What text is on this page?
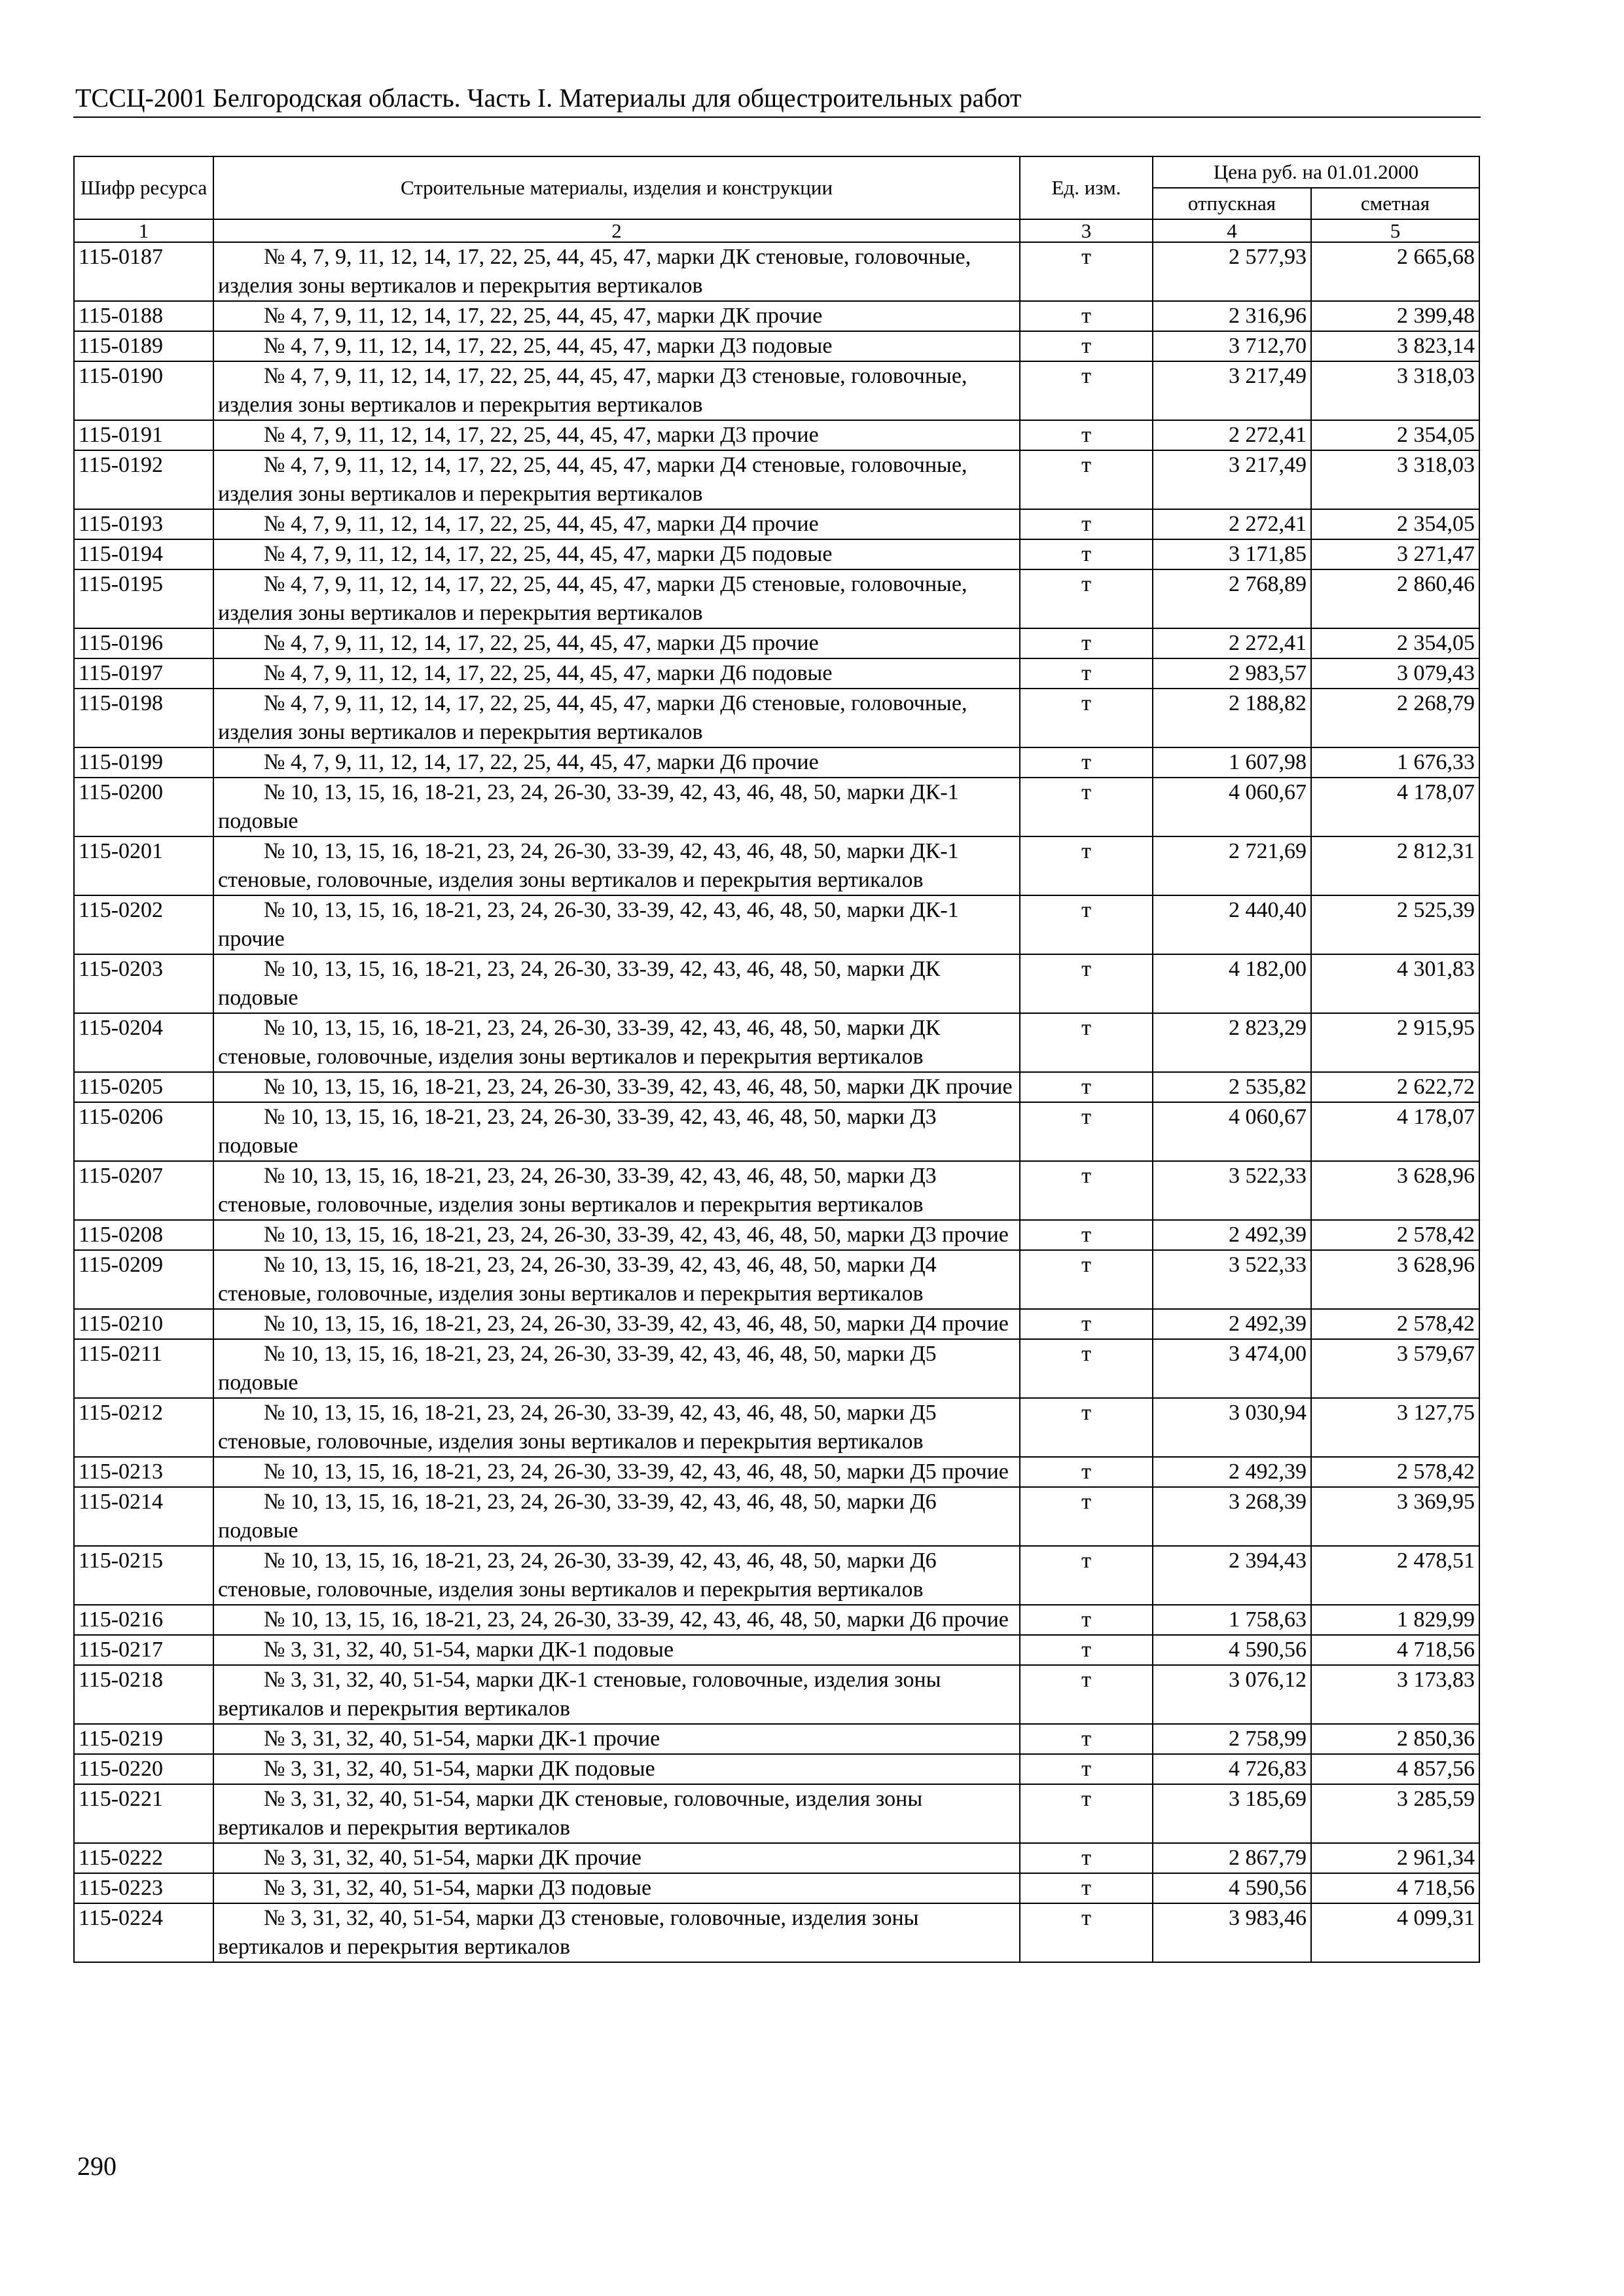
ТССЦ-2001 Белгородская область. Часть I. Материалы для общестроительных работ
Шифр ресурса	Строительные материалы, изделия и конструкции	Ед. изм.	Цена руб. на 01.01.2000	
			отпускная	сметная
1	2	3	4	5
115-0187	№ 4, 7, 9, 11, 12, 14, 17, 22, 25, 44, 45, 47, марки ДК стеновые, головочные, изделия зоны вертикалов и перекрытия вертикалов	т	2 577,93	2 665,68
115-0188	№ 4, 7, 9, 11, 12, 14, 17, 22, 25, 44, 45, 47, марки ДК прочие	т	2 316,96	2 399,48
115-0189	№ 4, 7, 9, 11, 12, 14, 17, 22, 25, 44, 45, 47, марки Д3 подовые	т	3 712,70	3 823,14
115-0190	№ 4, 7, 9, 11, 12, 14, 17, 22, 25, 44, 45, 47, марки Д3 стеновые, головочные, изделия зоны вертикалов и перекрытия вертикалов	т	3 217,49	3 318,03
115-0191	№ 4, 7, 9, 11, 12, 14, 17, 22, 25, 44, 45, 47, марки Д3 прочие	т	2 272,41	2 354,05
115-0192	№ 4, 7, 9, 11, 12, 14, 17, 22, 25, 44, 45, 47, марки Д4 стеновые, головочные, изделия зоны вертикалов и перекрытия вертикалов	т	3 217,49	3 318,03
115-0193	№ 4, 7, 9, 11, 12, 14, 17, 22, 25, 44, 45, 47, марки Д4 прочие	т	2 272,41	2 354,05
115-0194	№ 4, 7, 9, 11, 12, 14, 17, 22, 25, 44, 45, 47, марки Д5 подовые	т	3 171,85	3 271,47
115-0195	№ 4, 7, 9, 11, 12, 14, 17, 22, 25, 44, 45, 47, марки Д5 стеновые, головочные, изделия зоны вертикалов и перекрытия вертикалов	т	2 768,89	2 860,46
115-0196	№ 4, 7, 9, 11, 12, 14, 17, 22, 25, 44, 45, 47, марки Д5 прочие	т	2 272,41	2 354,05
115-0197	№ 4, 7, 9, 11, 12, 14, 17, 22, 25, 44, 45, 47, марки Д6 подовые	т	2 983,57	3 079,43
115-0198	№ 4, 7, 9, 11, 12, 14, 17, 22, 25, 44, 45, 47, марки Д6 стеновые, головочные, изделия зоны вертикалов и перекрытия вертикалов	т	2 188,82	2 268,79
115-0199	№ 4, 7, 9, 11, 12, 14, 17, 22, 25, 44, 45, 47, марки Д6 прочие	т	1 607,98	1 676,33
115-0200	№ 10, 13, 15, 16, 18-21, 23, 24, 26-30, 33-39, 42, 43, 46, 48, 50, марки ДК-1 подовые	т	4 060,67	4 178,07
115-0201	№ 10, 13, 15, 16, 18-21, 23, 24, 26-30, 33-39, 42, 43, 46, 48, 50, марки ДК-1 стеновые, головочные, изделия зоны вертикалов и перекрытия вертикалов	т	2 721,69	2 812,31
115-0202	№ 10, 13, 15, 16, 18-21, 23, 24, 26-30, 33-39, 42, 43, 46, 48, 50, марки ДК-1 прочие	т	2 440,40	2 525,39
115-0203	№ 10, 13, 15, 16, 18-21, 23, 24, 26-30, 33-39, 42, 43, 46, 48, 50, марки ДК подовые	т	4 182,00	4 301,83
115-0204	№ 10, 13, 15, 16, 18-21, 23, 24, 26-30, 33-39, 42, 43, 46, 48, 50, марки ДК стеновые, головочные, изделия зоны вертикалов и перекрытия вертикалов	т	2 823,29	2 915,95
115-0205	№ 10, 13, 15, 16, 18-21, 23, 24, 26-30, 33-39, 42, 43, 46, 48, 50, марки ДК прочие	т	2 535,82	2 622,72
115-0206	№ 10, 13, 15, 16, 18-21, 23, 24, 26-30, 33-39, 42, 43, 46, 48, 50, марки Д3 подовые	т	4 060,67	4 178,07
115-0207	№ 10, 13, 15, 16, 18-21, 23, 24, 26-30, 33-39, 42, 43, 46, 48, 50, марки Д3 стеновые, головочные, изделия зоны вертикалов и перекрытия вертикалов	т	3 522,33	3 628,96
115-0208	№ 10, 13, 15, 16, 18-21, 23, 24, 26-30, 33-39, 42, 43, 46, 48, 50, марки Д3 прочие	т	2 492,39	2 578,42
115-0209	№ 10, 13, 15, 16, 18-21, 23, 24, 26-30, 33-39, 42, 43, 46, 48, 50, марки Д4 стеновые, головочные, изделия зоны вертикалов и перекрытия вертикалов	т	3 522,33	3 628,96
115-0210	№ 10, 13, 15, 16, 18-21, 23, 24, 26-30, 33-39, 42, 43, 46, 48, 50, марки Д4 прочие	т	2 492,39	2 578,42
115-0211	№ 10, 13, 15, 16, 18-21, 23, 24, 26-30, 33-39, 42, 43, 46, 48, 50, марки Д5 подовые	т	3 474,00	3 579,67
115-0212	№ 10, 13, 15, 16, 18-21, 23, 24, 26-30, 33-39, 42, 43, 46, 48, 50, марки Д5 стеновые, головочные, изделия зоны вертикалов и перекрытия вертикалов	т	3 030,94	3 127,75
115-0213	№ 10, 13, 15, 16, 18-21, 23, 24, 26-30, 33-39, 42, 43, 46, 48, 50, марки Д5 прочие	т	2 492,39	2 578,42
115-0214	№ 10, 13, 15, 16, 18-21, 23, 24, 26-30, 33-39, 42, 43, 46, 48, 50, марки Д6 подовые	т	3 268,39	3 369,95
115-0215	№ 10, 13, 15, 16, 18-21, 23, 24, 26-30, 33-39, 42, 43, 46, 48, 50, марки Д6 стеновые, головочные, изделия зоны вертикалов и перекрытия вертикалов	т	2 394,43	2 478,51
115-0216	№ 10, 13, 15, 16, 18-21, 23, 24, 26-30, 33-39, 42, 43, 46, 48, 50, марки Д6 прочие	т	1 758,63	1 829,99
115-0217	№ 3, 31, 32, 40, 51-54, марки ДК-1 подовые	т	4 590,56	4 718,56
115-0218	№ 3, 31, 32, 40, 51-54, марки ДК-1 стеновые, головочные, изделия зоны вертикалов и перекрытия вертикалов	т	3 076,12	3 173,83
115-0219	№ 3, 31, 32, 40, 51-54, марки ДК-1 прочие	т	2 758,99	2 850,36
115-0220	№ 3, 31, 32, 40, 51-54, марки ДК подовые	т	4 726,83	4 857,56
115-0221	№ 3, 31, 32, 40, 51-54, марки ДК стеновые, головочные, изделия зоны вертикалов и перекрытия вертикалов	т	3 185,69	3 285,59
115-0222	№ 3, 31, 32, 40, 51-54, марки ДК прочие	т	2 867,79	2 961,34
115-0223	№ 3, 31, 32, 40, 51-54, марки Д3 подовые	т	4 590,56	4 718,56
115-0224	№ 3, 31, 32, 40, 51-54, марки Д3 стеновые, головочные, изделия зоны вертикалов и перекрытия вертикалов	т	3 983,46	4 099,31
290
